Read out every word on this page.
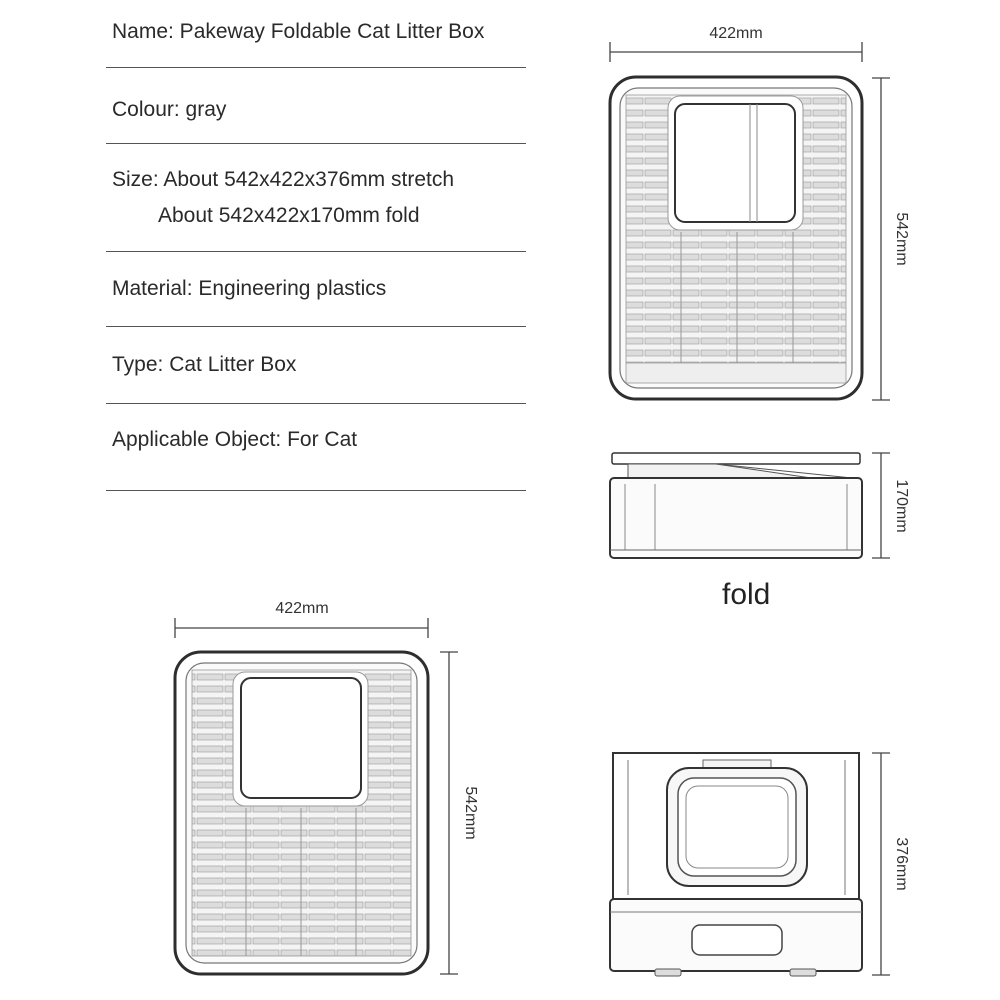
Name: Pakeway Foldable Cat Litter Box
Colour: gray
Size: About 542x422x376mm stretch
About 542x422x170mm fold
Material: Engineering plastics
Type: Cat Litter Box
Applicable Object: For Cat
fold
422mm
542mm
170mm
422mm
542mm
376mm
